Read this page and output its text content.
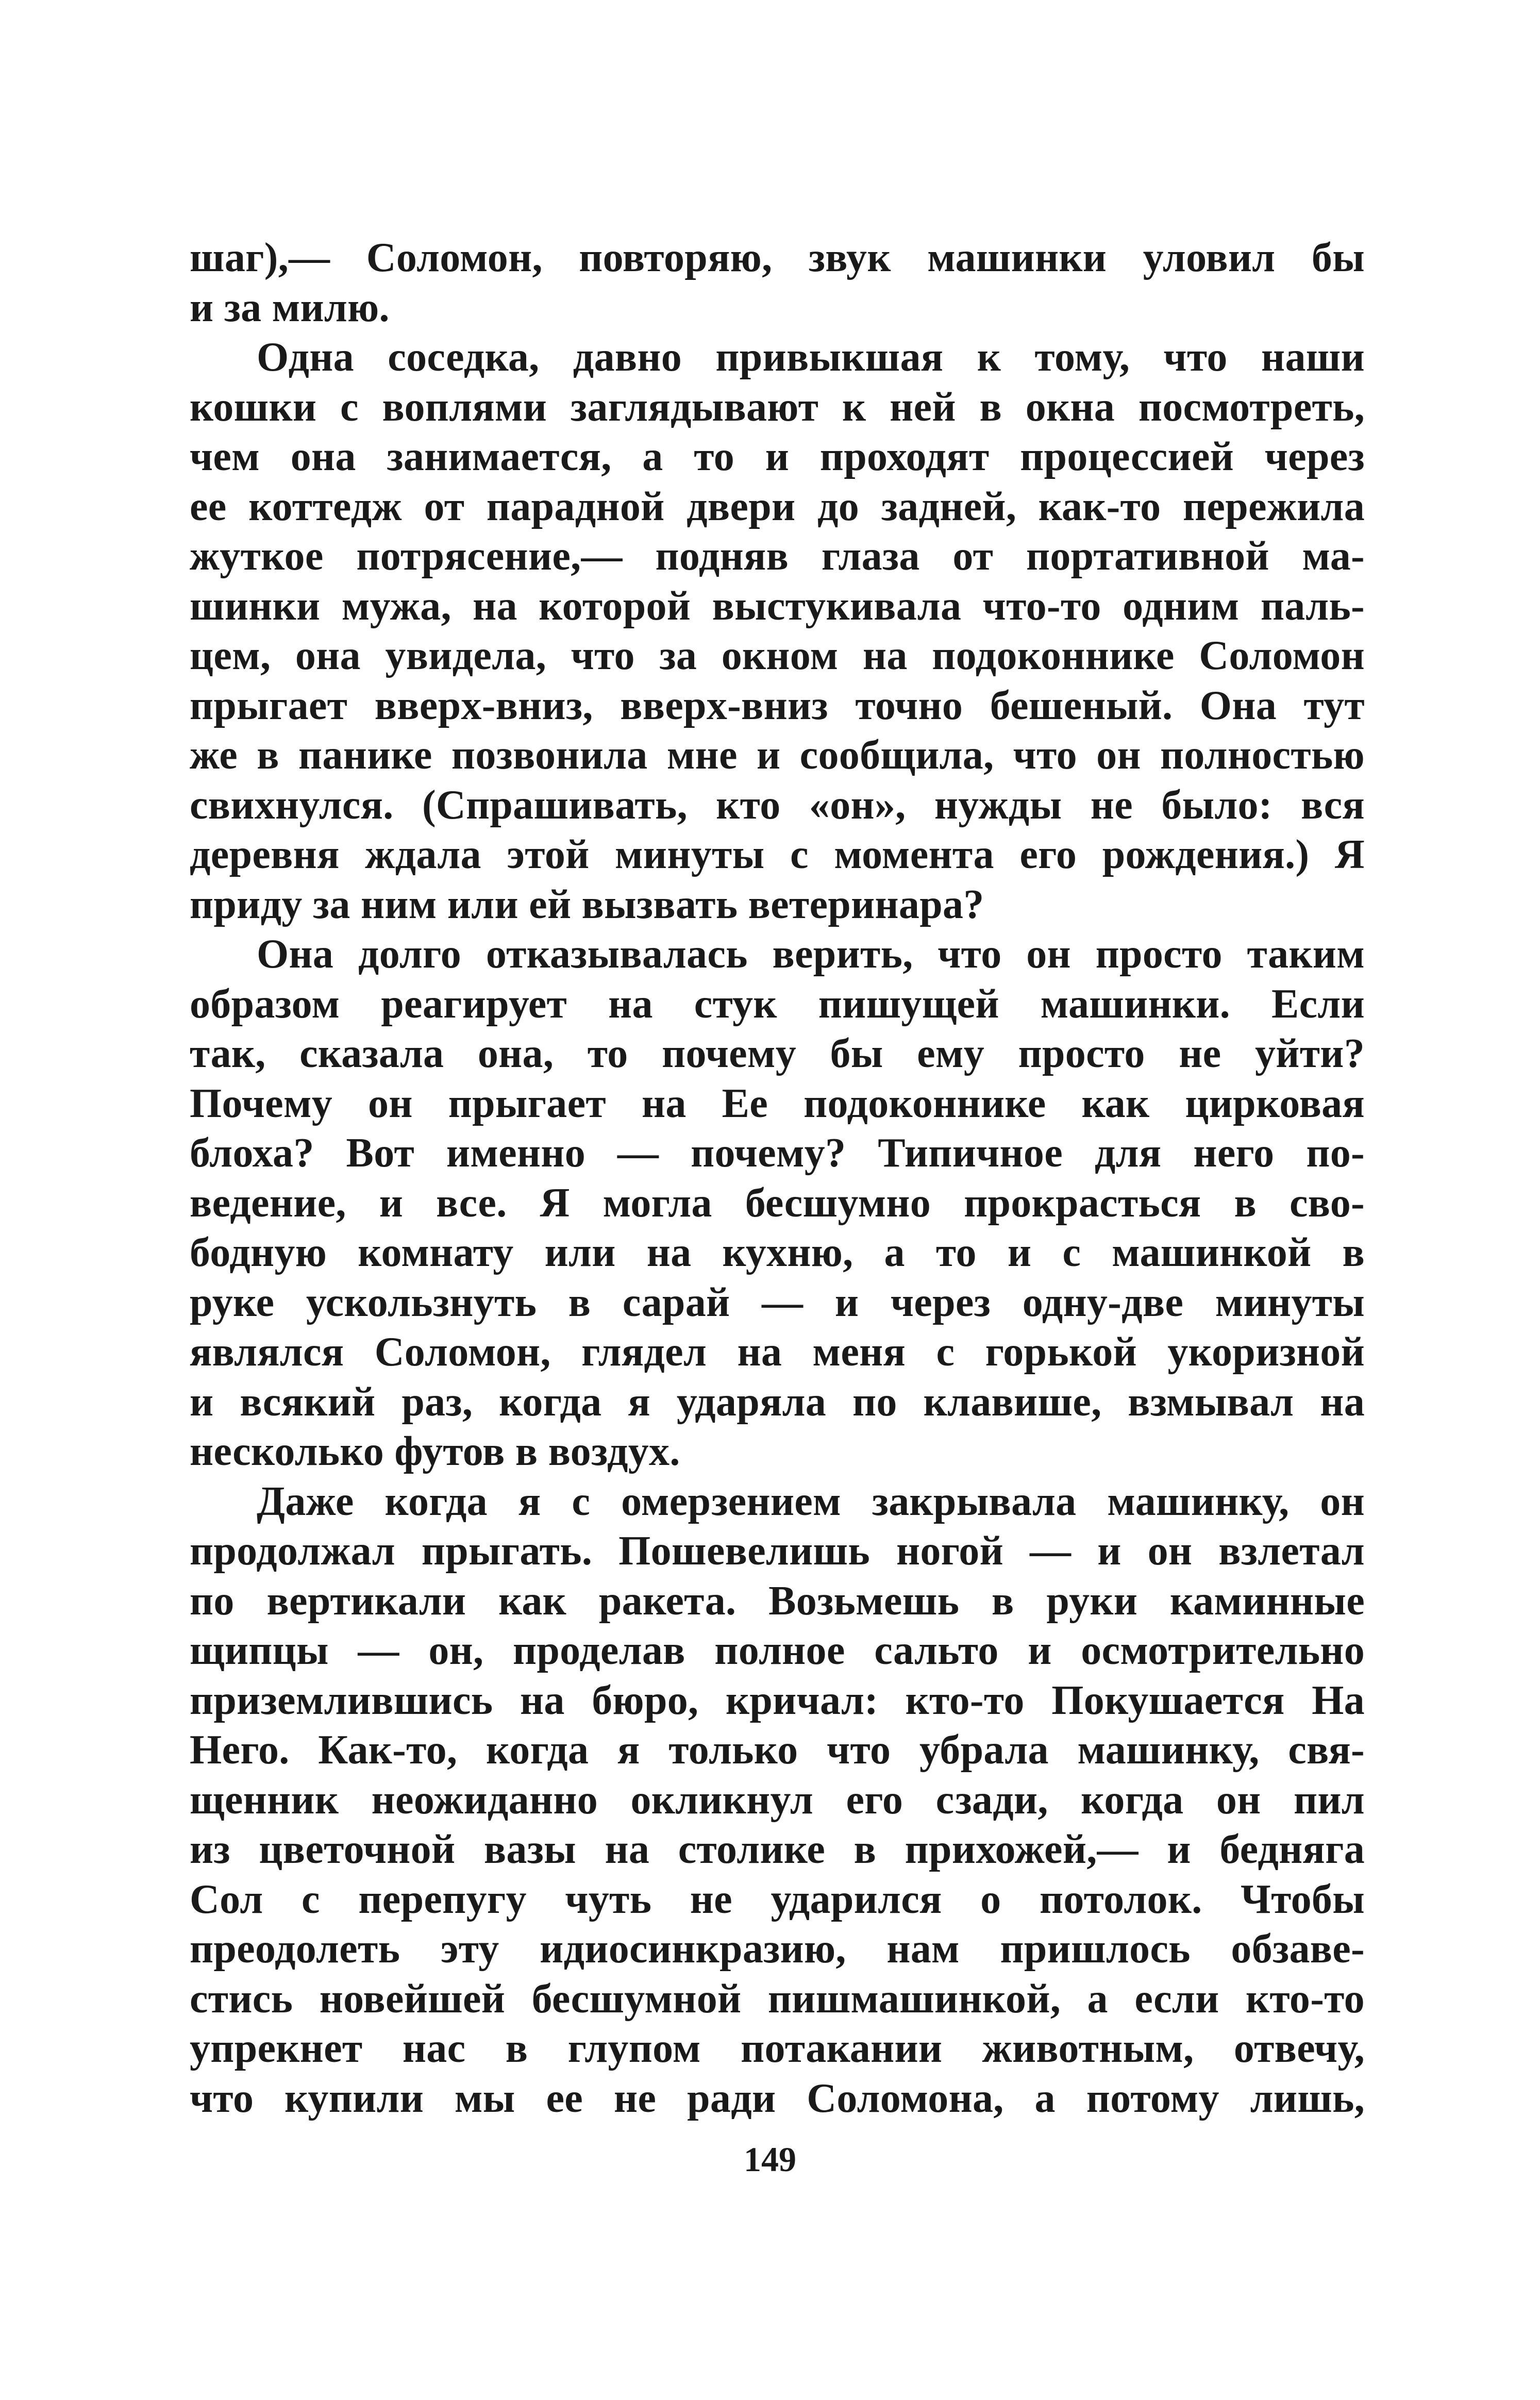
шаг),— Соломон, повторяю, звук машинки уловил бы
и за милю.
Одна соседка, давно привыкшая к тому, что наши
кошки с воплями заглядывают к ней в окна посмотреть,
чем она занимается, а то и проходят процессией через
ее коттедж от парадной двери до задней, как-то пережила
жуткое потрясение,— подняв глаза от портативной ма-
шинки мужа, на которой выстукивала что-то одним паль-
цем, она увидела, что за окном на подоконнике Соломон
прыгает вверх-вниз, вверх-вниз точно бешеный. Она тут
же в панике позвонила мне и сообщила, что он полностью
свихнулся. (Спрашивать, кто «он», нужды не было: вся
деревня ждала этой минуты с момента его рождения.) Я
приду за ним или ей вызвать ветеринара?
Она долго отказывалась верить, что он просто таким
образом реагирует на стук пишущей машинки. Если
так, сказала она, то почему бы ему просто не уйти?
Почему он прыгает на Ее подоконнике как цирковая
блоха? Вот именно — почему? Типичное для него по-
ведение, и все. Я могла бесшумно прокрасться в сво-
бодную комнату или на кухню, а то и с машинкой в
руке ускользнуть в сарай — и через одну-две минуты
являлся Соломон, глядел на меня с горькой укоризной
и всякий раз, когда я ударяла по клавише, взмывал на
несколько футов в воздух.
Даже когда я с омерзением закрывала машинку, он
продолжал прыгать. Пошевелишь ногой — и он взлетал
по вертикали как ракета. Возьмешь в руки каминные
щипцы — он, проделав полное сальто и осмотрительно
приземлившись на бюро, кричал: кто-то Покушается На
Него. Как-то, когда я только что убрала машинку, свя-
щенник неожиданно окликнул его сзади, когда он пил
из цветочной вазы на столике в прихожей,— и бедняга
Сол с перепугу чуть не ударился о потолок. Чтобы
преодолеть эту идиосинкразию, нам пришлось обзаве-
стись новейшей бесшумной пишмашинкой, а если кто-то
упрекнет нас в глупом потакании животным, отвечу,
что купили мы ее не ради Соломона, а потому лишь,
149
